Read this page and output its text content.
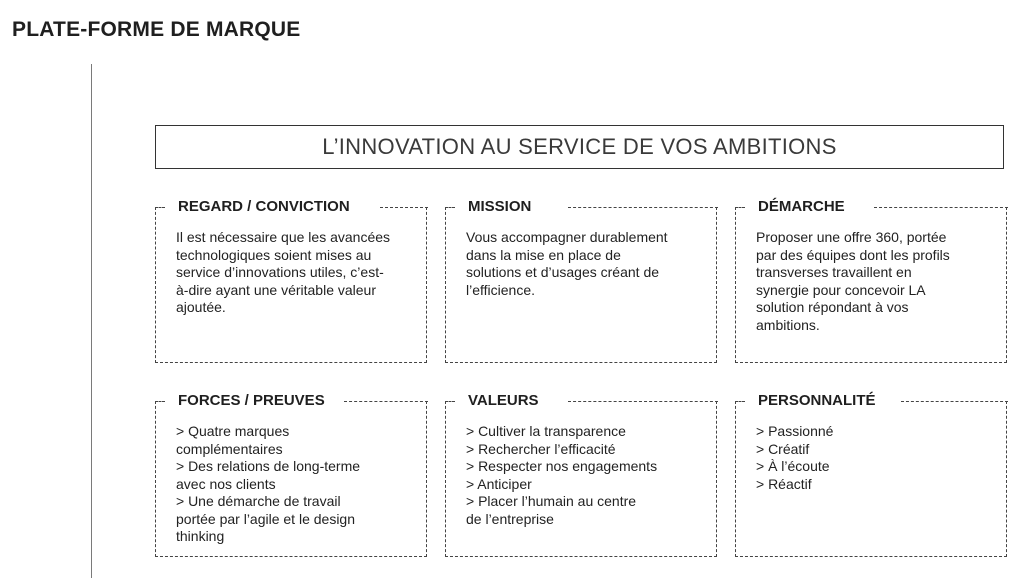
PLATE-FORME DE MARQUE
L’INNOVATION AU SERVICE DE VOS AMBITIONS
REGARD / CONVICTION
Il est nécessaire que les avancées
technologiques soient mises au
service d’innovations utiles, c’est-
à-dire ayant une véritable valeur
ajoutée.
MISSION
Vous accompagner durablement
dans la mise en place de
solutions et d’usages créant de
l’efficience.
DÉMARCHE
Proposer une offre 360, portée
par des équipes dont les profils
transverses travaillent en
synergie pour concevoir LA
solution répondant à vos
ambitions.
FORCES / PREUVES
> Quatre marques
complémentaires
> Des relations de long-terme
avec nos clients
> Une démarche de travail
portée par l’agile et le design
thinking
VALEURS
> Cultiver la transparence
> Rechercher l’efficacité
> Respecter nos engagements
> Anticiper
> Placer l’humain au centre
de l’entreprise
PERSONNALITÉ
> Passionné
> Créatif
> À l’écoute
> Réactif
